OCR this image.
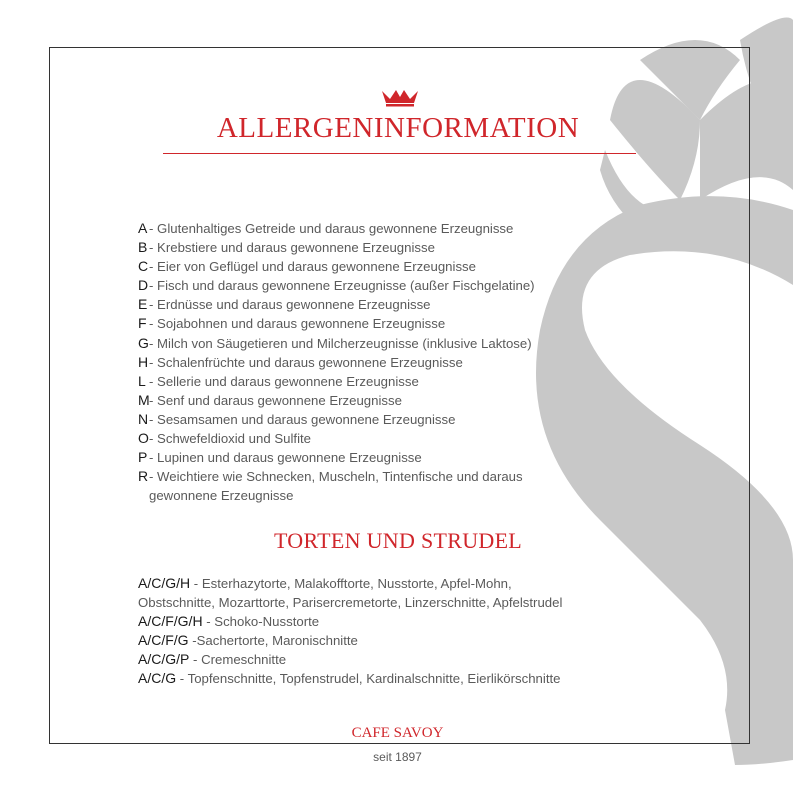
ALLERGENINFORMATION
A - Glutenhaltiges Getreide und daraus gewonnene Erzeugnisse
B - Krebstiere und daraus gewonnene Erzeugnisse
C - Eier von Geflügel und daraus gewonnene Erzeugnisse
D - Fisch und daraus gewonnene Erzeugnisse (außer Fischgelatine)
E - Erdnüsse und daraus gewonnene Erzeugnisse
F - Sojabohnen und daraus gewonnene Erzeugnisse
G - Milch von Säugetieren und Milcherzeugnisse (inklusive Laktose)
H - Schalenfrüchte und daraus gewonnene Erzeugnisse
L - Sellerie und daraus gewonnene Erzeugnisse
M - Senf und daraus gewonnene Erzeugnisse
N - Sesamsamen und daraus gewonnene Erzeugnisse
O - Schwefeldioxid und Sulfite
P - Lupinen und daraus gewonnene Erzeugnisse
R - Weichtiere wie Schnecken, Muscheln, Tintenfische und daraus gewonnene Erzeugnisse
TORTEN UND STRUDEL
A/C/G/H - Esterhazytorte, Malakofftorte, Nusstorte, Apfel-Mohn,
Obstschnitte, Mozarttorte, Parisercremetorte, Linzerschnitte, Apfelstrudel
A/C/F/G/H - Schoko-Nusstorte
A/C/F/G -Sachertorte, Maronischnitte
A/C/G/P - Cremeschnitte
A/C/G - Topfenschnitte, Topfenstrudel, Kardinalschnitte, Eierlikörschnitte
CAFE SAVOY
seit 1897
